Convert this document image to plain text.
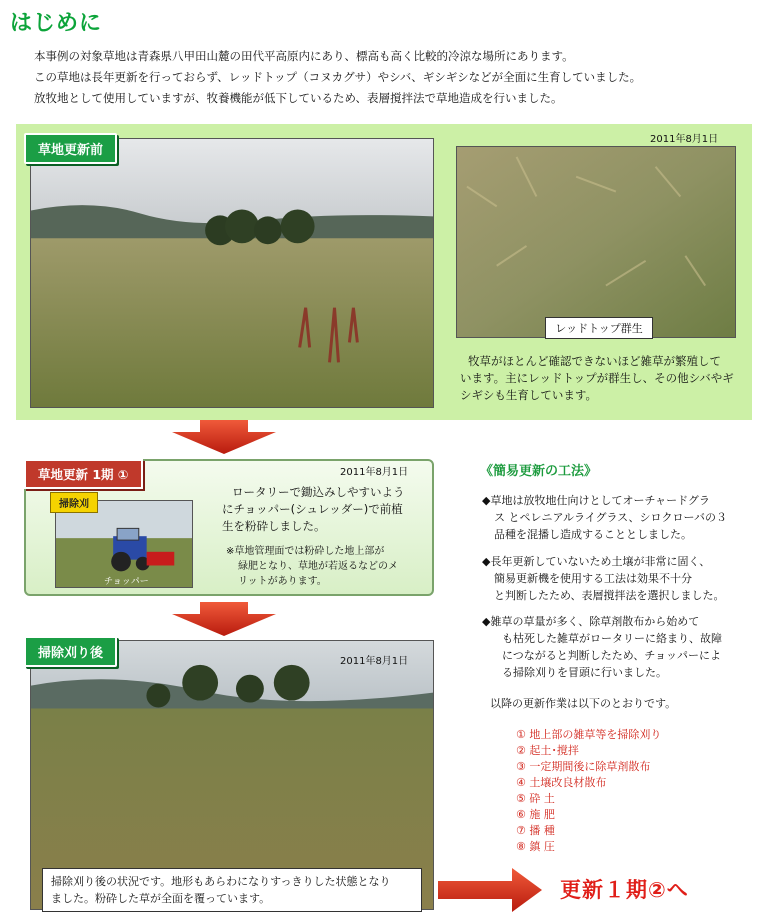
はじめに
本事例の対象草地は青森県八甲田山麓の田代平高原内にあり、標高も高く比較的冷涼な場所にあります。
この草地は長年更新を行っておらず、レッドトップ（コヌカグサ）やシバ、ギシギシなどが全面に生育していました。
放牧地として使用していますが、牧養機能が低下しているため、表層撹拌法で草地造成を行いました。
草地更新前
2011年8月1日
レッドトップ群生
牧草がほとんど確認できないほど雑草が繁殖して
います。主にレッドトップが群生し、その他シバやギ
シギシも生育しています。
草地更新 1期 ①	2011年8月1日
掃除刈
チョッパー
ロータリーで鋤込みしやすいよう
にチョッパー(シュレッダー)で前植
生を粉砕しました。
※草地管理面では粉砕した地上部が
緑肥となり、草地が若返るなどのメ
リットがあります。
掃除刈り後
2011年8月1日
掃除刈り後の状況です。地形もあらわになりすっきりした状態となり
ました。粉砕した草が全面を覆っています。
《簡易更新の工法》
◆草地は放牧地仕向けとしてオーチャードグラ
ス とペレニアルライグラス、シロクローバの３
品種を混播し造成することとしました。
◆長年更新していないため土壌が非常に固く、
簡易更新機を使用する工法は効果不十分
と判断したため、表層撹拌法を選択しました。
◆雑草の草量が多く、除草剤散布から始めて
も枯死した雑草がロータリーに絡まり、故障
につながると判断したため、チョッパーによ
る掃除刈りを冒頭に行いました。
以降の更新作業は以下のとおりです。
① 地上部の雑草等を掃除刈り
② 起土･撹拌
③ 一定期間後に除草剤散布
④ 土壌改良材散布
⑤ 砕 土
⑥ 施 肥
⑦ 播 種
⑧ 鎮 圧
更新１期②へ
